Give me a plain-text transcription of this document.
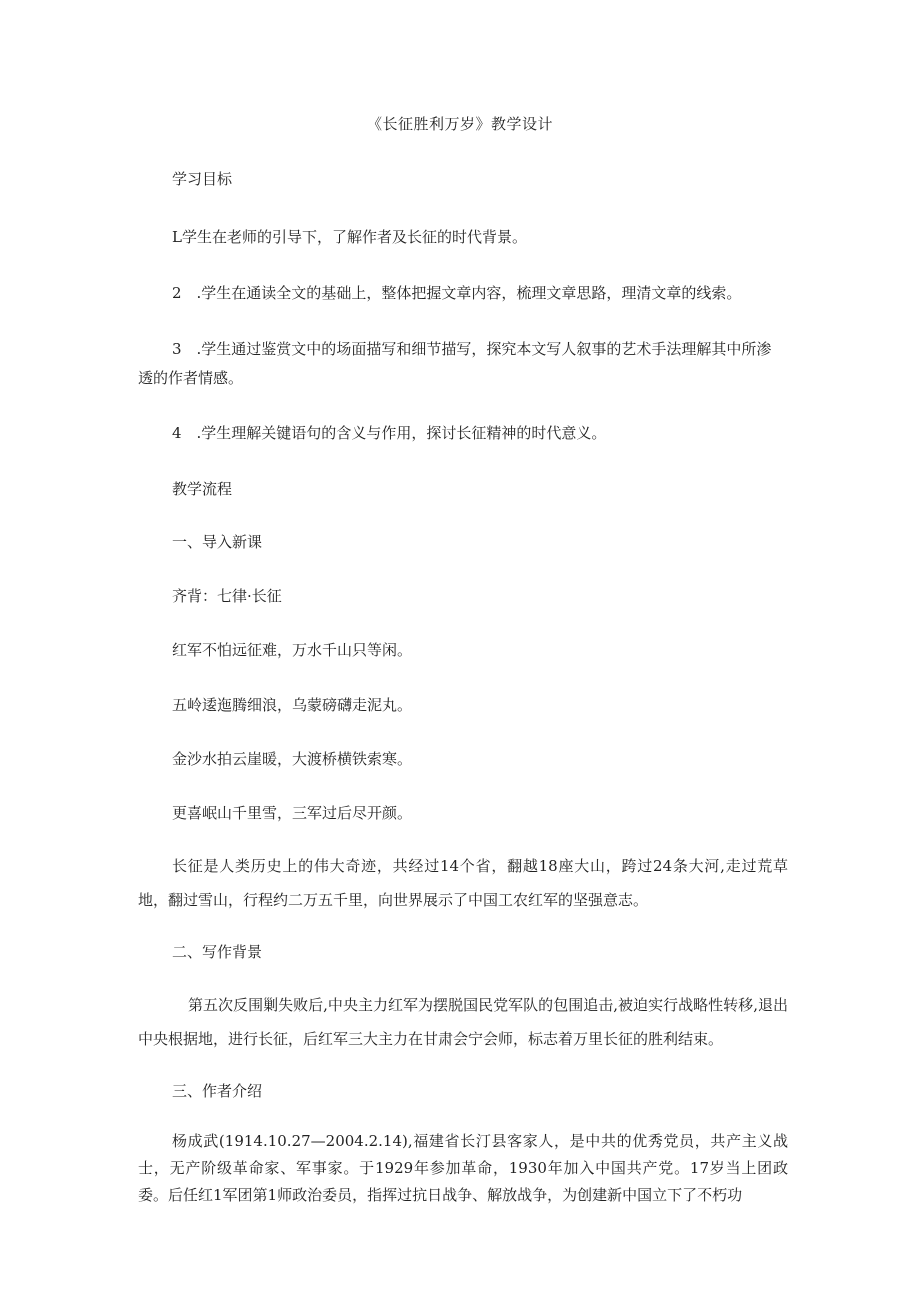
《长征胜利万岁》教学设计
学习目标
L学生在老师的引导下，了解作者及长征的时代背景。
2　.学生在通读全文的基础上，整体把握文章内容，梳理文章思路，理清文章的线索。
3　.学生通过鉴赏文中的场面描写和细节描写，探究本文写人叙事的艺术手法理解其中所渗
透的作者情感。
4　.学生理解关键语句的含义与作用，探讨长征精神的时代意义。
教学流程
一、导入新课
齐背：七律·长征
红军不怕远征难，万水千山只等闲。
五岭逶迤腾细浪，乌蒙磅礴走泥丸。
金沙水拍云崖暖，大渡桥横铁索寒。
更喜岷山千里雪，三军过后尽开颜。
长征是人类历史上的伟大奇迹，共经过14个省，翻越18座大山，跨过24条大河,走过荒草地，翻过雪山，行程约二万五千里，向世界展示了中国工农红军的坚强意志。
二、写作背景
第五次反围剿失败后,中央主力红军为摆脱国民党军队的包围追击,被迫实行战略性转移,退出中央根据地，进行长征，后红军三大主力在甘肃会宁会师，标志着万里长征的胜利结束。
三、作者介绍
杨成武(1914.10.27—2004.2.14),福建省长汀县客家人，是中共的优秀党员，共产主义战士，无产阶级革命家、军事家。于1929年参加革命，1930年加入中国共产党。17岁当上团政委。后任红1军团第1师政治委员，指挥过抗日战争、解放战争，为创建新中国立下了不朽功
